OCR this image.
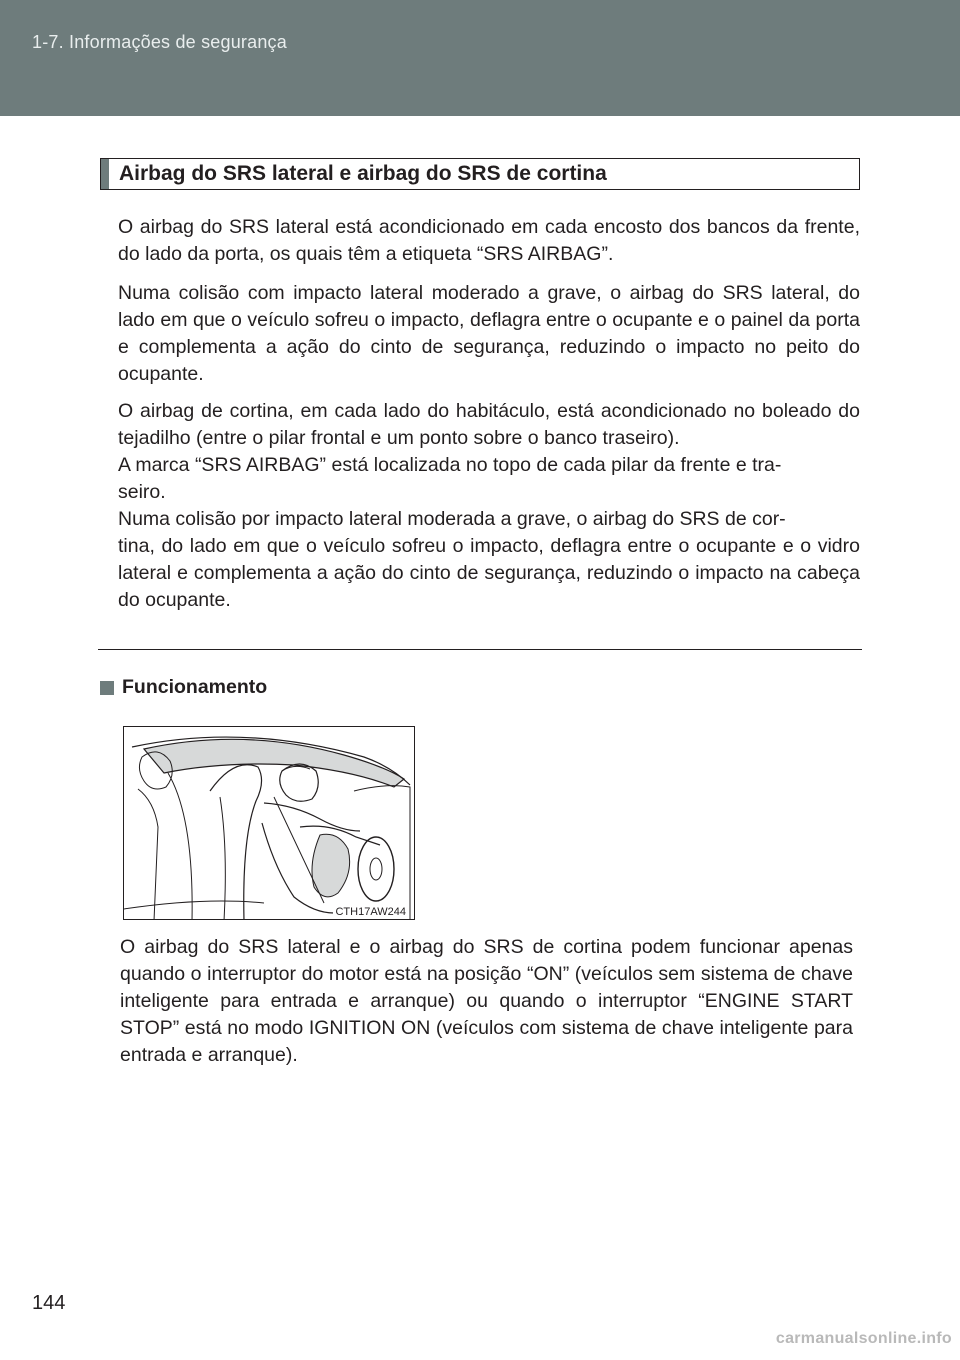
1-7. Informações de segurança
Airbag do SRS lateral e airbag do SRS de cortina
O airbag do SRS lateral está acondicionado em cada encosto dos bancos da frente, do lado da porta, os quais têm a etiqueta “SRS AIRBAG”.
Numa colisão com impacto lateral moderado a grave, o airbag do SRS lateral, do lado em que o veículo sofreu o impacto, deflagra entre o ocupante e o painel da porta e complementa a ação do cinto de segurança, reduzindo o impacto no peito do ocupante.
O airbag de cortina, em cada lado do habitáculo, está acondicionado no boleado do tejadilho (entre o pilar frontal e um ponto sobre o banco traseiro).
A marca “SRS AIRBAG” está localizada no topo de cada pilar da frente e tra-
seiro.
Numa colisão por impacto lateral moderada a grave, o airbag do SRS de cor-
tina, do lado em que o veículo sofreu o impacto, deflagra entre o ocupante e o vidro lateral e complementa a ação do cinto de segurança, reduzindo o impacto na cabeça do ocupante.
Funcionamento
CTH17AW244
O airbag do SRS lateral e o airbag do SRS de cortina podem funcionar apenas quando o interruptor do motor está na posição “ON” (veículos sem sistema de chave inteligente para entrada e arranque) ou quando o interruptor “ENGINE START STOP” está no modo IGNITION ON (veículos com sistema de chave inteligente para entrada e arranque).
144
carmanualsonline.info
